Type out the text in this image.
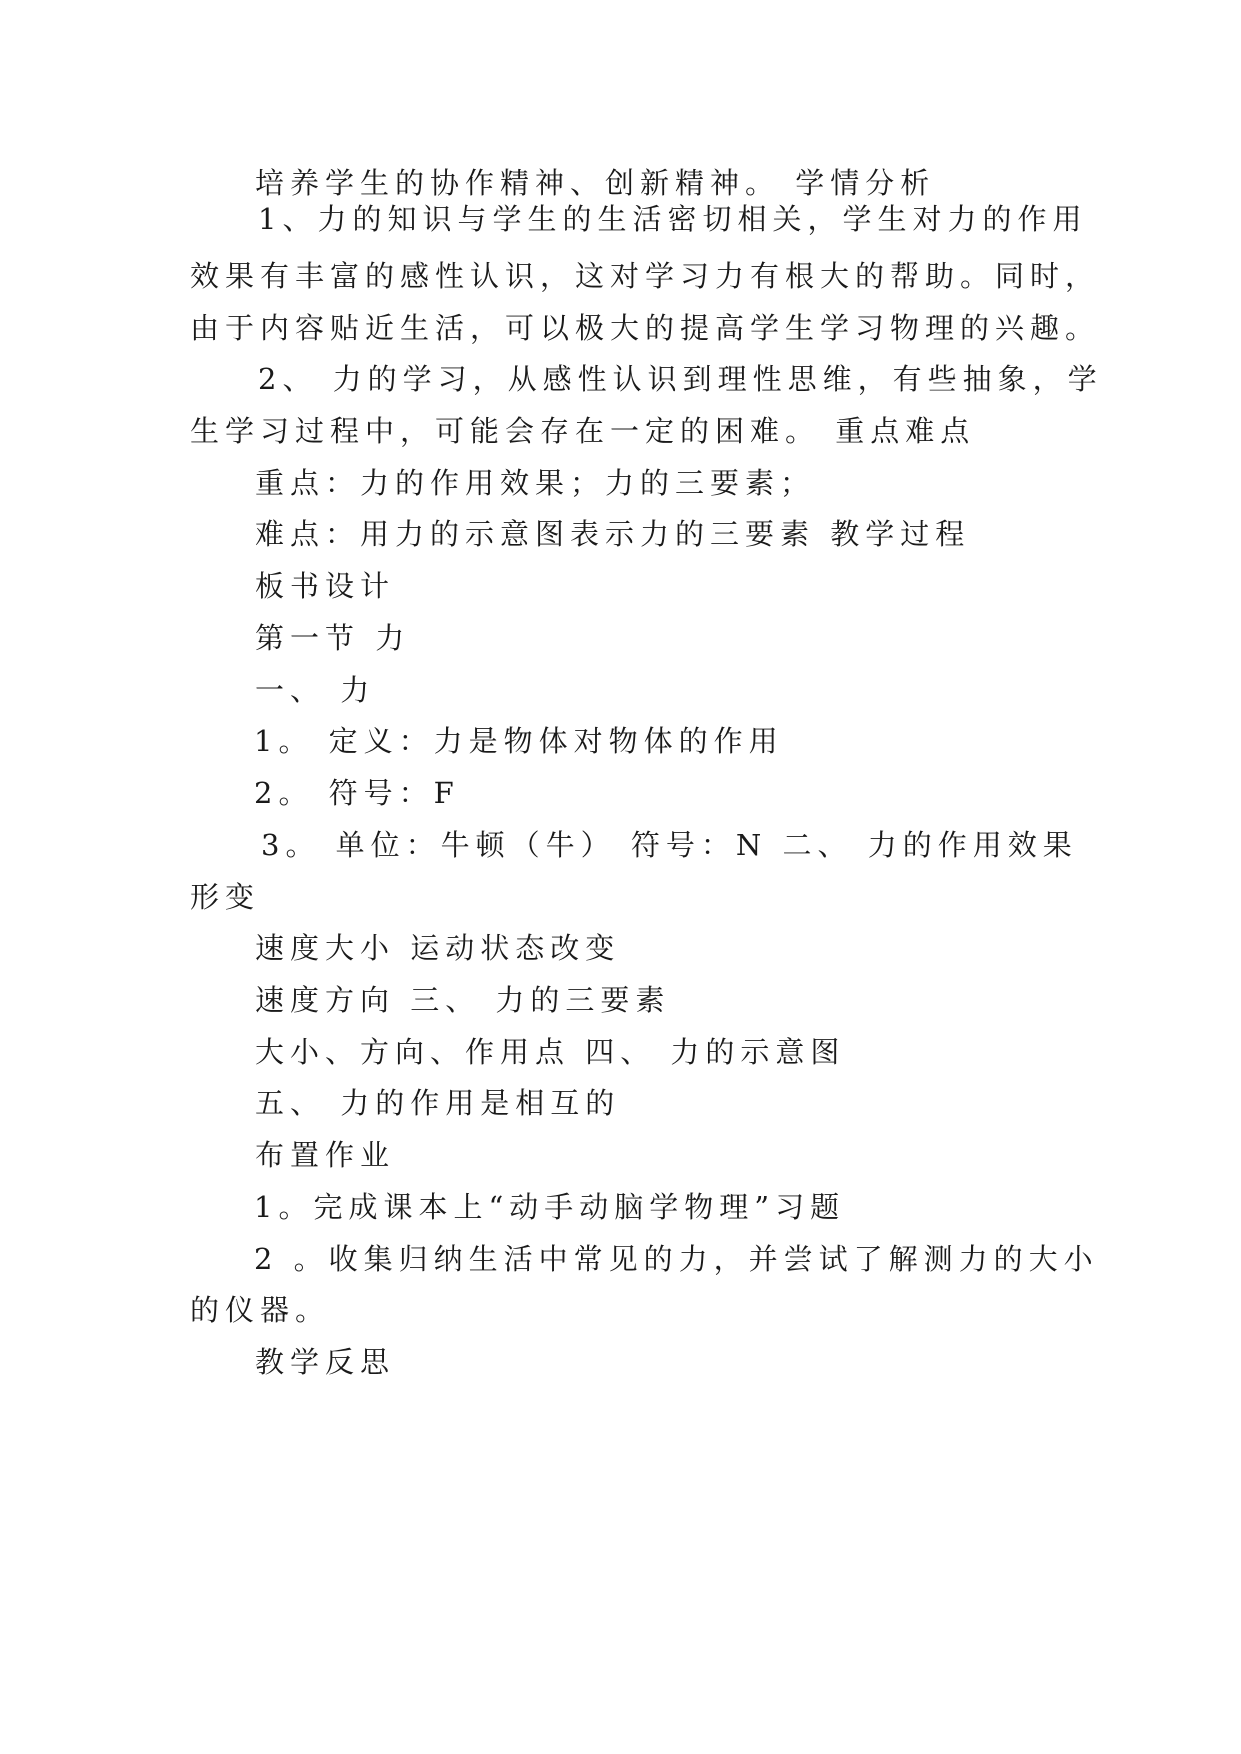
培养学生的协作精神、创新精神。 学情分析
1、力的知识与学生的生活密切相关，学生对力的作用
效果有丰富的感性认识，这对学习力有根大的帮助。同时，
由于内容贴近生活，可以极大的提高学生学习物理的兴趣。
2、 力的学习，从感性认识到理性思维，有些抽象，学
生学习过程中，可能会存在一定的困难。 重点难点
重点：力的作用效果；力的三要素；
难点：用力的示意图表示力的三要素 教学过程
板书设计
第一节 力
一、 力
1。 定义：力是物体对物体的作用
2。 符号：F
3。 单位：牛顿（牛） 符号：N 二、 力的作用效果
形变
速度大小 运动状态改变
速度方向 三、 力的三要素
大小、方向、作用点 四、 力的示意图
五、 力的作用是相互的
布置作业
1。完成课本上“动手动脑学物理”习题
2 。收集归纳生活中常见的力，并尝试了解测力的大小
的仪器。
教学反思
